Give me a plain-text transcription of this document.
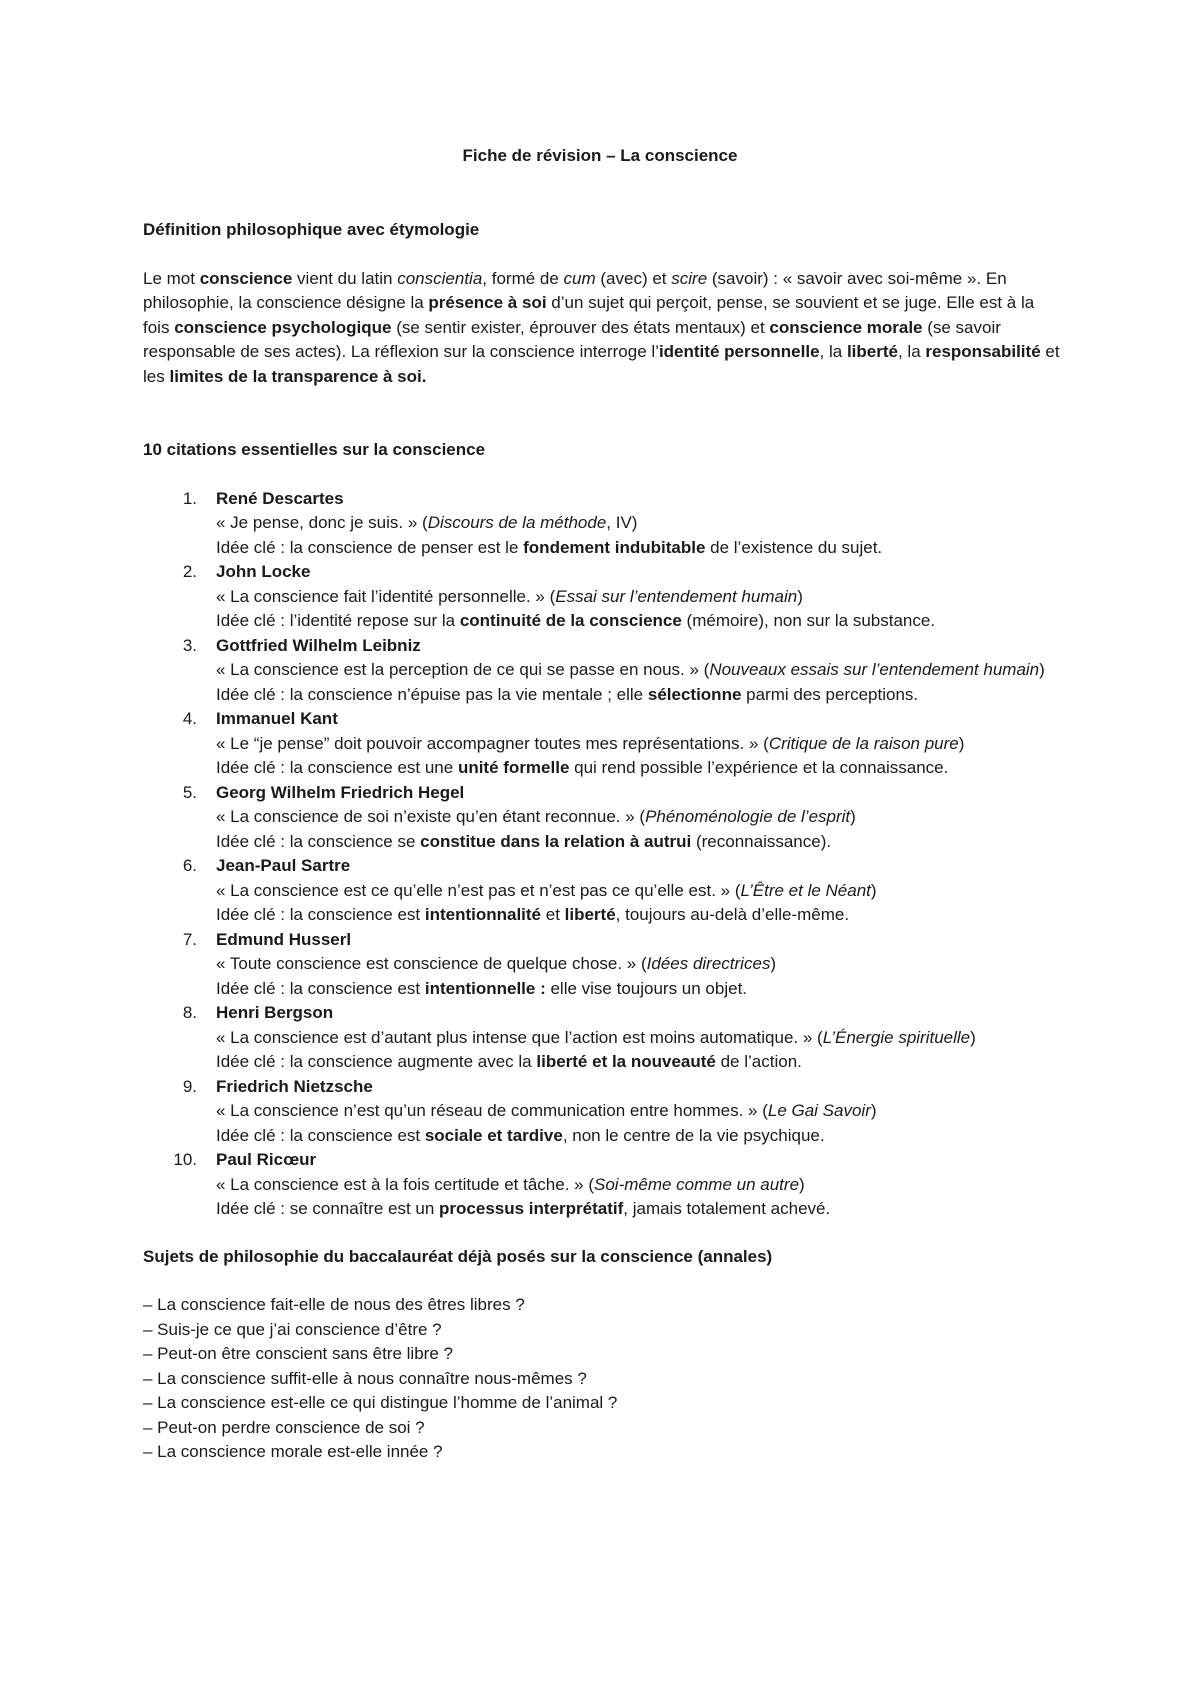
Fiche de révision – La conscience
Définition philosophique avec étymologie

Le mot conscience vient du latin conscientia, formé de cum (avec) et scire (savoir) : « savoir avec soi-même ». En philosophie, la conscience désigne la présence à soi d’un sujet qui perçoit, pense, se souvient et se juge. Elle est à la fois conscience psychologique (se sentir exister, éprouver des états mentaux) et conscience morale (se savoir responsable de ses actes). La réflexion sur la conscience interroge l’identité personnelle, la liberté, la responsabilité et les limites de la transparence à soi.

10 citations essentielles sur la conscience
1. René Descartes
« Je pense, donc je suis. » (Discours de la méthode, IV)
Idée clé : la conscience de penser est le fondement indubitable de l’existence du sujet.
2. John Locke
« La conscience fait l’identité personnelle. » (Essai sur l’entendement humain)
Idée clé : l’identité repose sur la continuité de la conscience (mémoire), non sur la substance.
3. Gottfried Wilhelm Leibniz
« La conscience est la perception de ce qui se passe en nous. » (Nouveaux essais sur l’entendement humain)
Idée clé : la conscience n’épuise pas la vie mentale ; elle sélectionne parmi des perceptions.
4. Immanuel Kant
« Le “je pense” doit pouvoir accompagner toutes mes représentations. » (Critique de la raison pure)
Idée clé : la conscience est une unité formelle qui rend possible l’expérience et la connaissance.
5. Georg Wilhelm Friedrich Hegel
« La conscience de soi n’existe qu’en étant reconnue. » (Phénoménologie de l’esprit)
Idée clé : la conscience se constitue dans la relation à autrui (reconnaissance).
6. Jean-Paul Sartre
« La conscience est ce qu’elle n’est pas et n’est pas ce qu’elle est. » (L’Être et le Néant)
Idée clé : la conscience est intentionnalité et liberté, toujours au-delà d’elle-même.
7. Edmund Husserl
« Toute conscience est conscience de quelque chose. » (Idées directrices)
Idée clé : la conscience est intentionnelle : elle vise toujours un objet.
8. Henri Bergson
« La conscience est d’autant plus intense que l’action est moins automatique. » (L’Énergie spirituelle)
Idée clé : la conscience augmente avec la liberté et la nouveauté de l’action.
9. Friedrich Nietzsche
« La conscience n’est qu’un réseau de communication entre hommes. » (Le Gai Savoir)
Idée clé : la conscience est sociale et tardive, non le centre de la vie psychique.
10. Paul Ricœur
« La conscience est à la fois certitude et tâche. » (Soi-même comme un autre)
Idée clé : se connaître est un processus interprétatif, jamais totalement achevé.
Sujets de philosophie du baccalauréat déjà posés sur la conscience (annales)
– La conscience fait-elle de nous des êtres libres ?
– Suis-je ce que j’ai conscience d’être ?
– Peut-on être conscient sans être libre ?
– La conscience suffit-elle à nous connaître nous-mêmes ?
– La conscience est-elle ce qui distingue l’homme de l’animal ?
– Peut-on perdre conscience de soi ?
– La conscience morale est-elle innée ?
